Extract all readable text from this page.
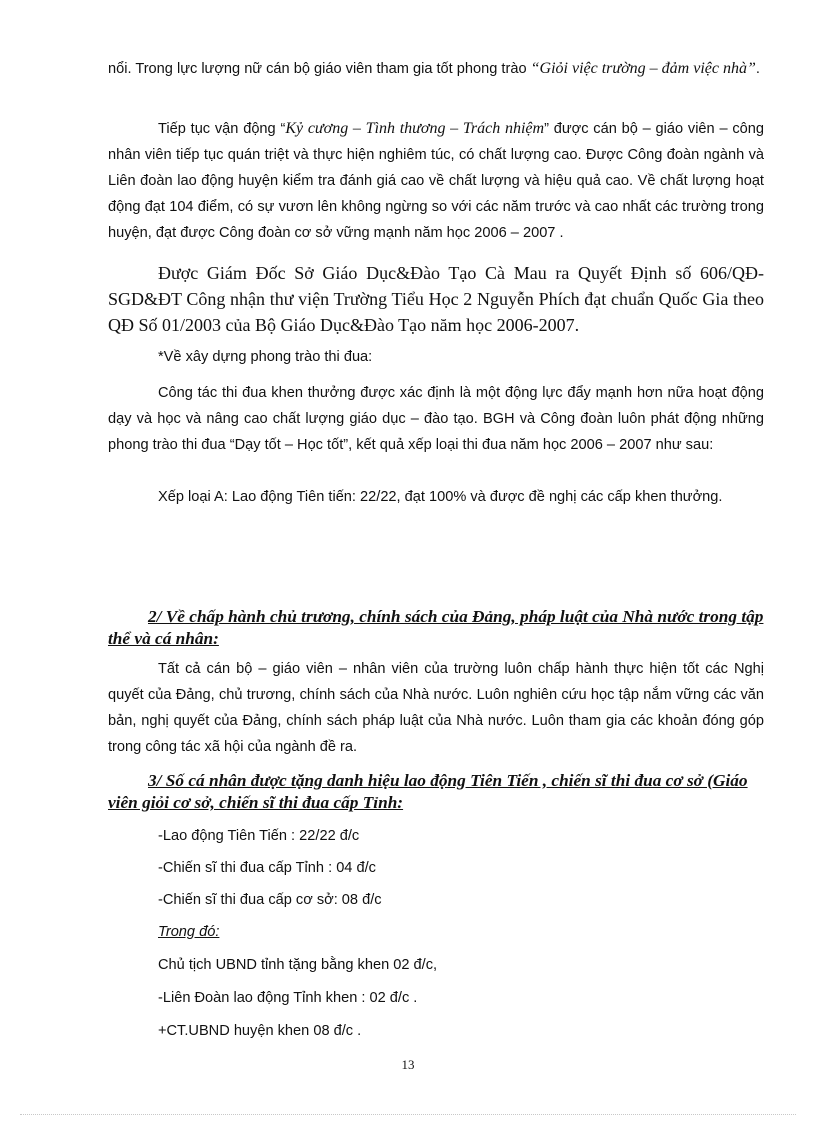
nổi. Trong lực lượng nữ cán bộ giáo viên tham gia tốt phong trào “Giỏi việc trường – đảm việc nhà”.

Tiếp tục vận động “Kỷ cương – Tình thương – Trách nhiệm” được cán bộ – giáo viên – công nhân viên tiếp tục quán triệt và thực hiện nghiêm túc, có chất lượng cao. Được Công đoàn ngành và Liên đoàn lao động huyện kiểm tra đánh giá cao về chất lượng và hiệu quả cao. Về chất lượng hoạt động đạt 104 điểm, có sự vươn lên không ngừng so với các năm trước và cao nhất các trường trong huyện, đạt được Công đoàn cơ sở vững mạnh năm học 2006 – 2007 .

Được Giám Đốc Sở Giáo Dục&Đào Tạo Cà Mau ra Quyết Định số 606/QĐ-SGD&ĐT Công nhận thư viện Trường Tiểu Học 2 Nguyễn Phích đạt chuẩn Quốc Gia theo QĐ Số 01/2003 của Bộ Giáo Dục&Đào Tạo năm học 2006-2007.

*Về xây dựng phong trào thi đua:

Công tác thi đua khen thưởng được xác định là một động lực đẩy mạnh hơn nữa hoạt động dạy và học và nâng cao chất lượng giáo dục – đào tạo. BGH và Công đoàn luôn phát động những phong trào thi đua “Dạy tốt – Học tốt”, kết quả xếp loại thi đua năm học 2006 – 2007 như sau:

Xếp loại A: Lao động Tiên tiến: 22/22, đạt 100% và được đề nghị các cấp khen thưởng.

2/ Về chấp hành chủ trương, chính sách của Đảng, pháp luật của Nhà nước trong tập thể và cá nhân:

Tất cả cán bộ – giáo viên – nhân viên của trường luôn chấp hành thực hiện tốt các Nghị quyết của Đảng, chủ trương, chính sách của Nhà nước. Luôn nghiên cứu học tập nắm vững các văn bản, nghị quyết của Đảng, chính sách pháp luật của Nhà nước. Luôn tham gia các khoản đóng góp trong công tác xã hội của ngành đề ra.

3/ Số cá nhân được tặng danh hiệu lao động Tiên Tiến , chiến sĩ thi đua cơ sở (Giáo viên giỏi cơ sở, chiến sĩ thi đua cấp Tỉnh:

-Lao động Tiên Tiến : 22/22 đ/c

-Chiến sĩ thi đua cấp Tỉnh : 04 đ/c

-Chiến sĩ thi đua cấp cơ sở: 08 đ/c

Trong đó:

Chủ tịch UBND tỉnh tặng bằng khen 02 đ/c,

-Liên Đoàn lao động Tỉnh khen : 02 đ/c .

+CT.UBND huyện khen 08 đ/c .

13
